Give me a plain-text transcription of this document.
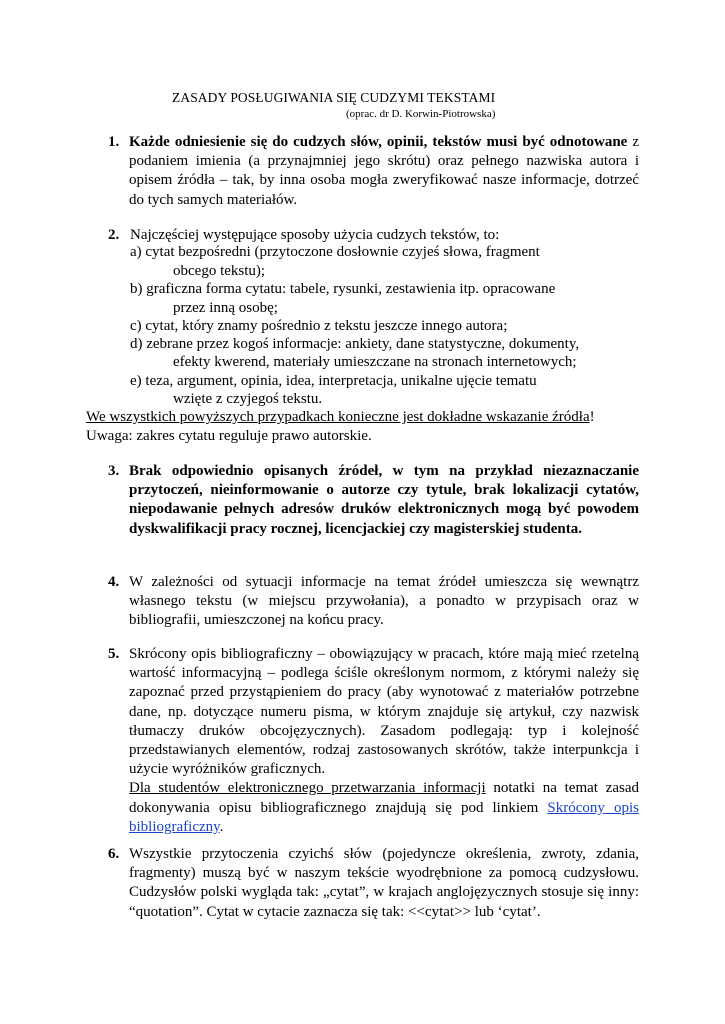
ZASADY POSŁUGIWANIA SIĘ CUDZYMI TEKSTAMI
(oprac. dr D. Korwin-Piotrowska)
1. Każde odniesienie się do cudzych słów, opinii, tekstów musi być odnotowane z podaniem imienia (a przynajmniej jego skrótu) oraz pełnego nazwiska autora i opisem źródła – tak, by inna osoba mogła zweryfikować nasze informacje, dotrzeć do tych samych materiałów.
2. Najczęściej występujące sposoby użycia cudzych tekstów, to:
a) cytat bezpośredni (przytoczone dosłownie czyjeś słowa, fragment
obcego tekstu);
b) graficzna forma cytatu: tabele, rysunki, zestawienia itp. opracowane
przez inną osobę;
c) cytat, który znamy pośrednio z tekstu jeszcze innego autora;
d) zebrane przez kogoś informacje: ankiety, dane statystyczne, dokumenty,
efekty kwerend, materiały umieszczane na stronach internetowych;
e) teza, argument, opinia, idea, interpretacja, unikalne ujęcie tematu
wzięte z czyjegoś tekstu.
We wszystkich powyższych przypadkach konieczne jest dokładne wskazanie źródła!
Uwaga: zakres cytatu reguluje prawo autorskie.
3. Brak odpowiednio opisanych źródeł, w tym na przykład niezaznaczanie przytoczeń, nieinformowanie o autorze czy tytule, brak lokalizacji cytatów, niepodawanie pełnych adresów druków elektronicznych mogą być powodem dyskwalifikacji pracy rocznej, licencjackiej czy magisterskiej studenta.
4. W zależności od sytuacji informacje na temat źródeł umieszcza się wewnątrz własnego tekstu (w miejscu przywołania), a ponadto w przypisach oraz w bibliografii, umieszczonej na końcu pracy.
5. Skrócony opis bibliograficzny – obowiązujący w pracach, które mają mieć rzetelną wartość informacyjną – podlega ściśle określonym normom, z którymi należy się zapoznać przed przystąpieniem do pracy (aby wynotować z materiałów potrzebne dane, np. dotyczące numeru pisma, w którym znajduje się artykuł, czy nazwisk tłumaczy druków obcojęzycznych). Zasadom podlegają: typ i kolejność przedstawianych elementów, rodzaj zastosowanych skrótów, także interpunkcja i użycie wyróżników graficznych.
Dla studentów elektronicznego przetwarzania informacji notatki na temat zasad dokonywania opisu bibliograficznego znajdują się pod linkiem Skrócony opis bibliograficzny.
6. Wszystkie przytoczenia czyichś słów (pojedyncze określenia, zwroty, zdania, fragmenty) muszą być w naszym tekście wyodrębnione za pomocą cudzysłowu. Cudzysłów polski wygląda tak: „cytat”, w krajach anglojęzycznych stosuje się inny: “quotation”. Cytat w cytacie zaznacza się tak: <<cytat>> lub ‘cytat’.
